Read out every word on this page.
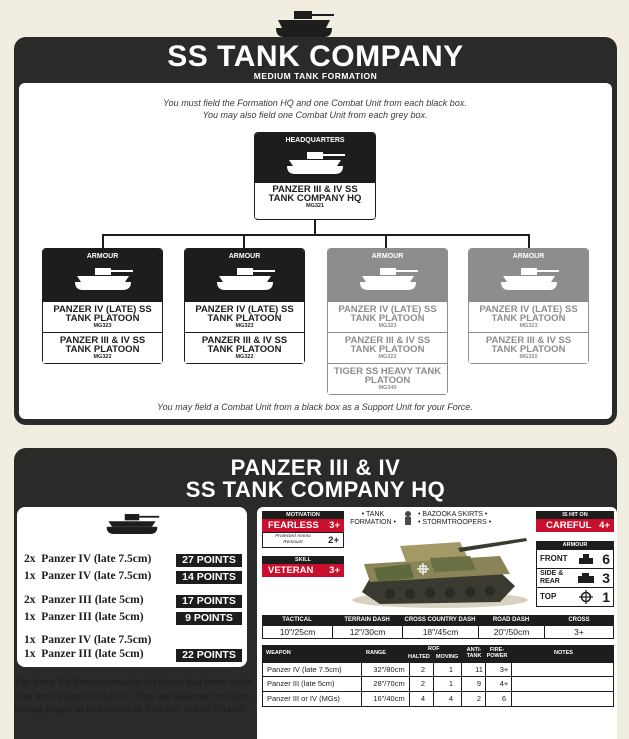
SS TANK COMPANY
MEDIUM TANK FORMATION
You must field the Formation HQ and one Combat Unit from each black box.
You may also field one Combat Unit from each grey box.
HEADQUARTERS
PANZER III & IV SS TANK COMPANY HQ
MG321
ARMOUR
PANZER IV (LATE) SS TANK PLATOON
MG323
PANZER III & IV SS TANK PLATOON
MG322
ARMOUR
PANZER IV (LATE) SS TANK PLATOON
MG323
PANZER III & IV SS TANK PLATOON
MG322
ARMOUR
PANZER IV (LATE) SS TANK PLATOON
MG323
PANZER III & IV SS TANK PLATOON
MG322
TIGER SS HEAVY TANK PLATOON
MG340
ARMOUR
PANZER IV (LATE) SS TANK PLATOON
MG323
PANZER III & IV SS TANK PLATOON
MG322
You may field a Combat Unit from a black box as a Support Unit for your Force.
PANZER III & IV
SS TANK COMPANY HQ
2x  Panzer IV (late 7.5cm)	27 POINTS
1x  Panzer IV (late 7.5cm)	14 POINTS
2x  Panzer III (late 5cm)	17 POINTS
1x  Panzer III (late 5cm)	9 POINTS
1x  Panzer IV (late 7.5cm)
1x  Panzer III (late 5cm)	22 POINTS
The three SS-Panzergrenadier divisions had more tanks than most panzer divisions. They are seasoned veterans, having fought in two battles at Kharkov before Citadel.
MOTIVATION
FEARLESS 3+
Protected Ammo Remount	2+
SKILL
VETERAN 3+
• TANK FORMATION •
• BAZOOKA SKIRTS •
• STORMTROOPERS •
IS HIT ON
CAREFUL 4+
ARMOUR
FRONT 6
SIDE & REAR	3
TOP	1
TACTICAL	TERRAIN DASH	CROSS COUNTRY DASH	ROAD DASH	CROSS
10"/25cm	12"/30cm	18"/45cm	20"/50cm	3+
WEAPON	RANGE
ROF
HALTED MOVING
ANTI-TANK
FIRE-POWER	NOTES
Panzer IV (late 7.5cm)	32"/80cm	2	1	11	3+
Panzer III (late 5cm)	28"/70cm	2	1	9	4+
Panzer III or IV (MGs)	16"/40cm	4	4	2	6
